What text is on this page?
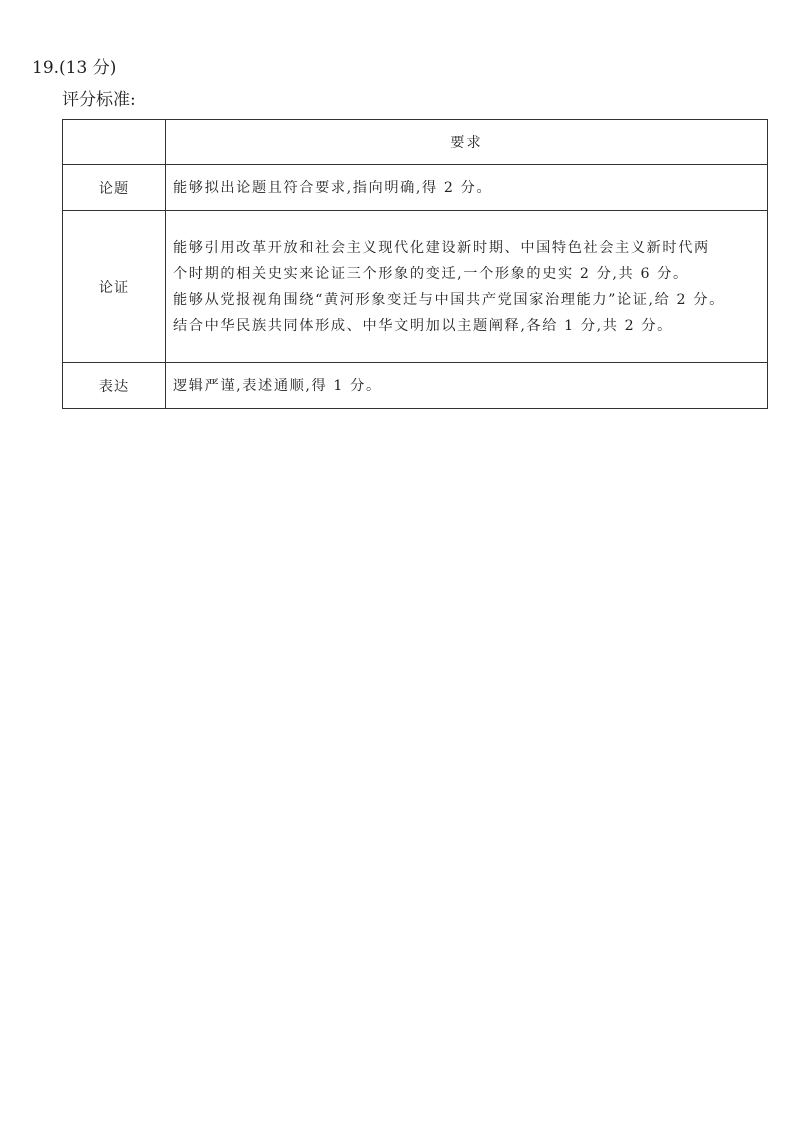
19.(13 分)
评分标准:
	要求
论题	能够拟出论题且符合要求,指向明确,得 2 分。

论证	能够引用改革开放和社会主义现代化建设新时期、中国特色社会主义新时代两
个时期的相关史实来论证三个形象的变迁,一个形象的史实 2 分,共 6 分。
能够从党报视角围绕“黄河形象变迁与中国共产党国家治理能力”论证,给 2 分。
结合中华民族共同体形成、中华文明加以主题阐释,各给 1 分,共 2 分。

表达	逻辑严谨,表述通顺,得 1 分。
